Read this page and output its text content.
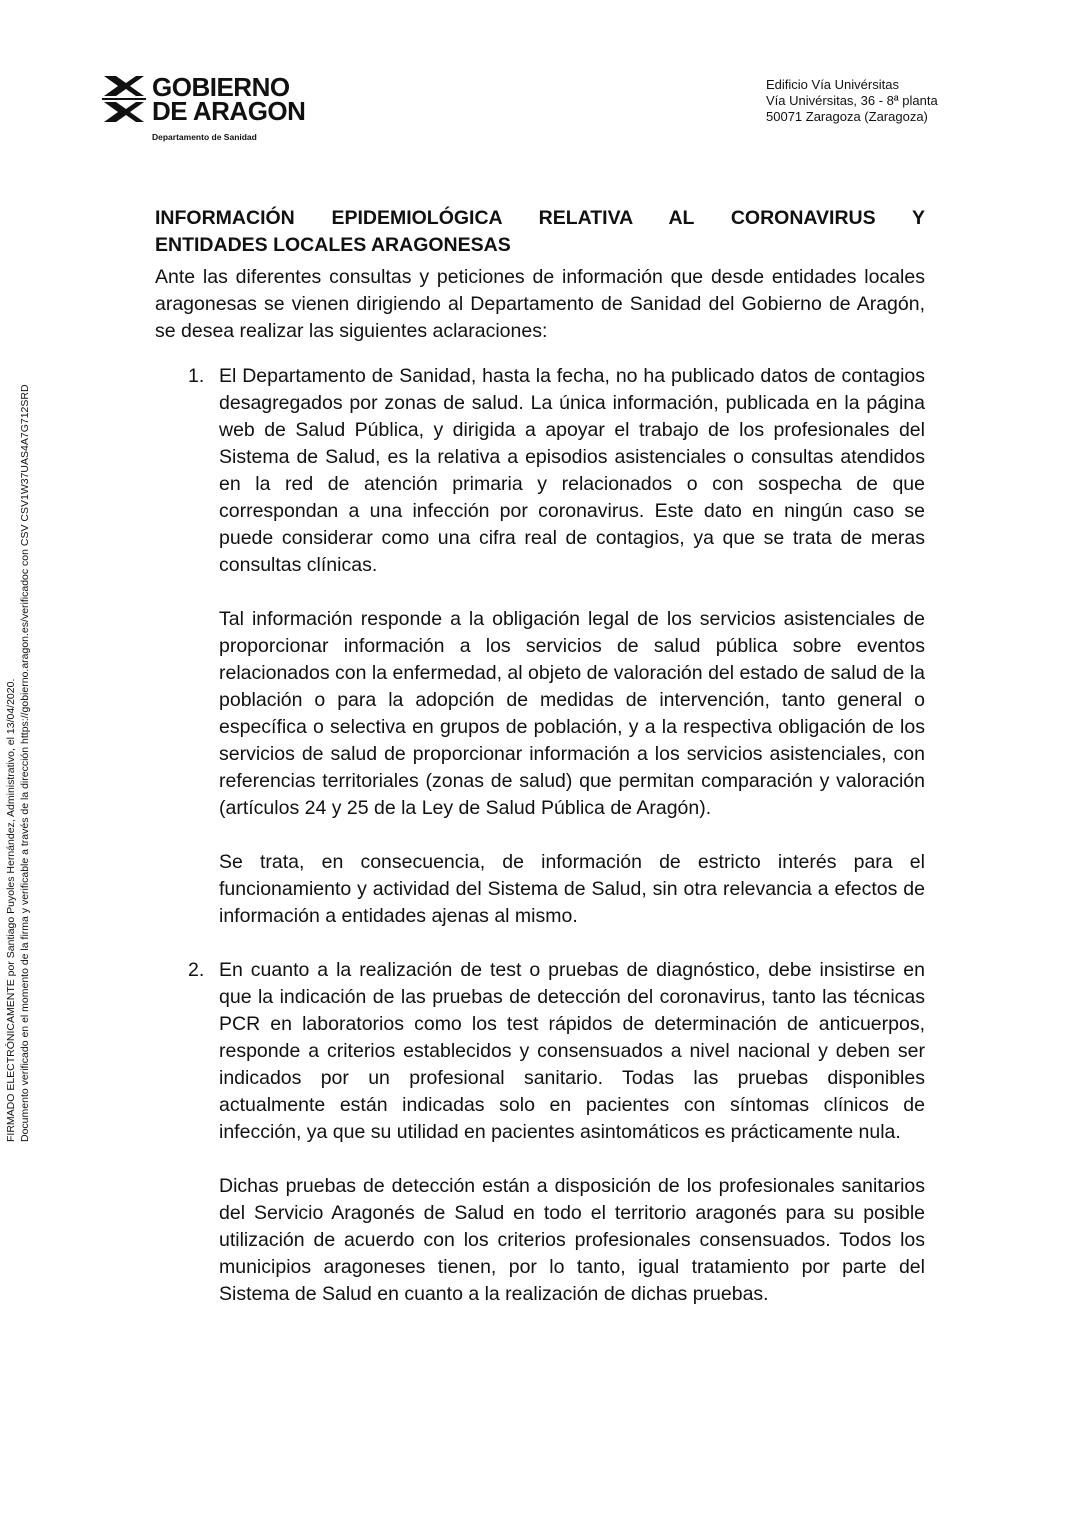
GOBIERNO
DE ARAGON
Departamento de Sanidad
Edificio Vía Univérsitas
Vía Univérsitas, 36 - 8ª planta
50071 Zaragoza (Zaragoza)
FIRMADO ELECTRÓNICAMENTE por Santiago Puyoles Hernández, Administrativo, el 13/04/2020. Documento verificado en el momento de la firma y verificable a través de la dirección https://gobierno.aragon.es/verificadoc con CSV CSV1W37UAS4A7G712SRD
INFORMACIÓN EPIDEMIOLÓGICA RELATIVA AL CORONAVIRUS Y
ENTIDADES LOCALES ARAGONESAS

Ante las diferentes consultas y peticiones de información que desde entidades locales aragonesas se vienen dirigiendo al Departamento de Sanidad del Gobierno de Aragón, se desea realizar las siguientes aclaraciones:

1. El Departamento de Sanidad, hasta la fecha, no ha publicado datos de contagios desagregados por zonas de salud. La única información, publicada en la página web de Salud Pública, y dirigida a apoyar el trabajo de los profesionales del Sistema de Salud, es la relativa a episodios asistenciales o consultas atendidos en la red de atención primaria y relacionados o con sospecha de que correspondan a una infección por coronavirus. Este dato en ningún caso se puede considerar como una cifra real de contagios, ya que se trata de meras consultas clínicas.

Tal información responde a la obligación legal de los servicios asistenciales de proporcionar información a los servicios de salud pública sobre eventos relacionados con la enfermedad, al objeto de valoración del estado de salud de la población o para la adopción de medidas de intervención, tanto general o específica o selectiva en grupos de población, y a la respectiva obligación de los servicios de salud de proporcionar información a los servicios asistenciales, con referencias territoriales (zonas de salud) que permitan comparación y valoración (artículos 24 y 25 de la Ley de Salud Pública de Aragón).

Se trata, en consecuencia, de información de estricto interés para el funcionamiento y actividad del Sistema de Salud, sin otra relevancia a efectos de información a entidades ajenas al mismo.

2. En cuanto a la realización de test o pruebas de diagnóstico, debe insistirse en que la indicación de las pruebas de detección del coronavirus, tanto las técnicas PCR en laboratorios como los test rápidos de determinación de anticuerpos, responde a criterios establecidos y consensuados a nivel nacional y deben ser indicados por un profesional sanitario. Todas las pruebas disponibles actualmente están indicadas solo en pacientes con síntomas clínicos de infección, ya que su utilidad en pacientes asintomáticos es prácticamente nula.

Dichas pruebas de detección están a disposición de los profesionales sanitarios del Servicio Aragonés de Salud en todo el territorio aragonés para su posible utilización de acuerdo con los criterios profesionales consensuados. Todos los municipios aragoneses tienen, por lo tanto, igual tratamiento por parte del Sistema de Salud en cuanto a la realización de dichas pruebas.
